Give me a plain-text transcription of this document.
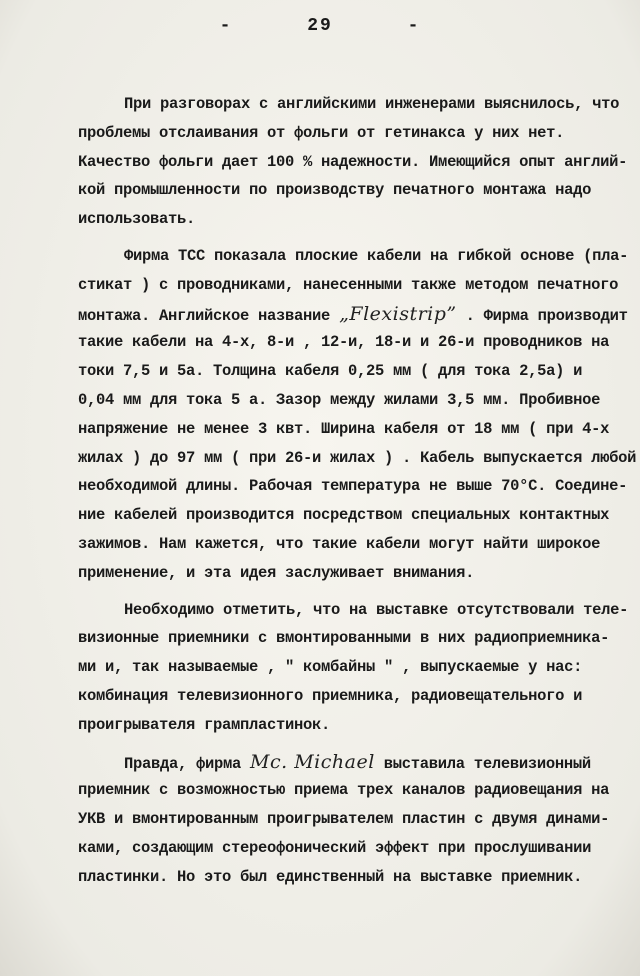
-	29	-
При разговорах с английскими инженерами выяснилось, что
проблемы отслаивания от фольги от гетинакса у них нет.
Качество фольги дает 100 % надежности. Имеющийся опыт англий-
кой промышленности по производству печатного монтажа надо
использовать.
Фирма ТСС показала плоские кабели на гибкой основе (пла-
стикат ) с проводниками, нанесенными также методом печатного
монтажа. Английское название „Flexistrip” . Фирма производит
такие кабели на 4-х, 8-и , 12-и, 18-и и 26-и проводников на
токи 7,5 и 5а. Толщина кабеля 0,25 мм ( для тока 2,5а) и
0,04 мм для тока 5 а. Зазор между жилами 3,5 мм. Пробивное
напряжение не менее 3 квт. Ширина кабеля от 18 мм ( при 4-х
жилах ) до 97 мм ( при 26-и жилах ) . Кабель выпускается любой
необходимой длины. Рабочая температура не выше 70°С. Соедине-
ние кабелей производится посредством специальных контактных
зажимов. Нам кажется, что такие кабели могут найти широкое
применение, и эта идея заслуживает внимания.
Необходимо отметить, что на выставке отсутствовали теле-
визионные приемники с вмонтированными в них радиоприемника-
ми и, так называемые , " комбайны " , выпускаемые у нас:
комбинация телевизионного приемника, радиовещательного и
проигрывателя грампластинок.
Правда, фирма Mc. Michael выставила телевизионный
приемник с возможностью приема трех каналов радиовещания на
УКВ и вмонтированным проигрывателем пластин с двумя динами-
ками, создающим стереофонический эффект при прослушивании
пластинки. Но это был единственный на выставке приемник.
